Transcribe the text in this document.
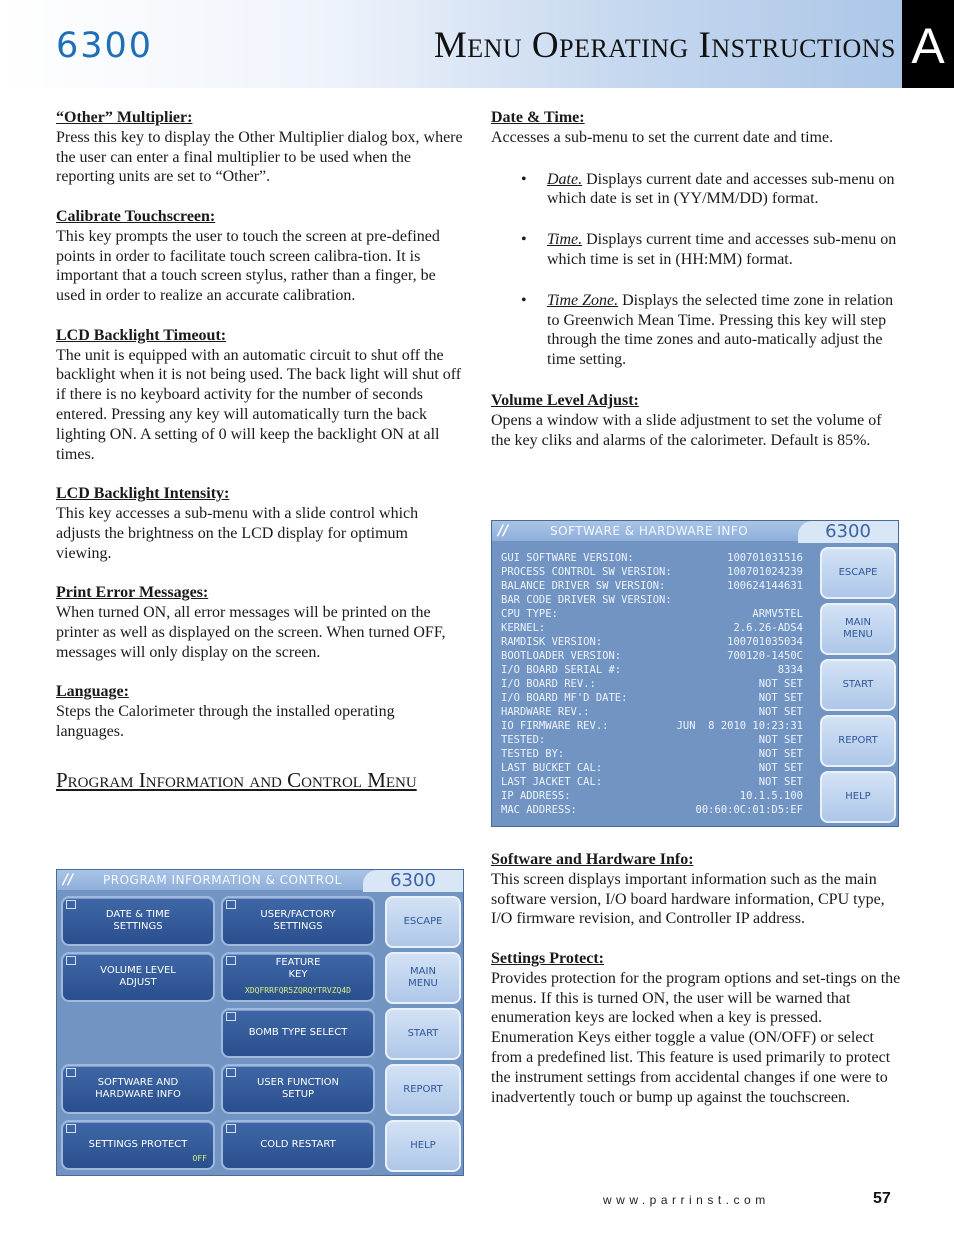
6300	Menu Operating Instructions A
“Other” Multiplier:

Press this key to display the Other Multiplier dialog box, where the user can enter a final multiplier to be used when the reporting units are set to “Other”.

Calibrate Touchscreen:

This key prompts the user to touch the screen at pre-defined points in order to facilitate touch screen calibra-tion. It is important that a touch screen stylus, rather than a finger, be used in order to realize an accurate calibration.

LCD Backlight Timeout:

The unit is equipped with an automatic circuit to shut off the backlight when it is not being used. The back light will shut off if there is no keyboard activity for the number of seconds entered. Pressing any key will automatically turn the back lighting ON. A setting of 0 will keep the backlight ON at all times.

LCD Backlight Intensity:

This key accesses a sub-menu with a slide control which adjusts the brightness on the LCD display for optimum viewing.

Print Error Messages:

When turned ON, all error messages will be printed on the printer as well as displayed on the screen. When turned OFF, messages will only display on the screen.

Language:

Steps the Calorimeter through the installed operating languages.

Program Information and Control Menu
// PROGRAM INFORMATION & CONTROL	6300
DATE & TIME
SETTINGS
USER/FACTORY
SETTINGS
VOLUME LEVEL
ADJUST
FEATURE
KEY
XDQFRRFQR5ZQRQYTRVZQ4D
BOMB TYPE SELECT
SOFTWARE AND
HARDWARE INFO
USER FUNCTION
SETUP
SETTINGS PROTECT
OFF
COLD RESTART
ESCAPE
MAIN
MENU
START
REPORT
HELP
Date & Time:

Accesses a sub-menu to set the current date and time.

• Date. Displays current date and accesses sub-menu on which date is set in (YY/MM/DD) format.
• Time. Displays current time and accesses sub-menu on which time is set in (HH:MM) format.
• Time Zone. Displays the selected time zone in relation to Greenwich Mean Time. Pressing this key will step through the time zones and auto-matically adjust the time setting.
Volume Level Adjust:

Opens a window with a slide adjustment to set the volume of the key cliks and alarms of the calorimeter. Default is 85%.

//	SOFTWARE & HARDWARE INFO	6300
GUI SOFTWARE VERSION:	100701031516
PROCESS CONTROL SW VERSION:	100701024239
BALANCE DRIVER SW VERSION:	100624144631
BAR CODE DRIVER SW VERSION:
CPU TYPE:	ARMV5TEL
KERNEL:	2.6.26-ADS4
RAMDISK VERSION:	100701035034
BOOTLOADER VERSION:	700120-1450C
I/O BOARD SERIAL #:	8334
I/O BOARD REV.:	NOT SET
I/O BOARD MF'D DATE:	NOT SET
HARDWARE REV.:	NOT SET
IO FIRMWARE REV.:	JUN  8 2010 10:23:31
TESTED:	NOT SET
TESTED BY:	NOT SET
LAST BUCKET CAL:	NOT SET
LAST JACKET CAL:	NOT SET
IP ADDRESS:	10.1.5.100
MAC ADDRESS:	00:60:0C:01:D5:EF
ESCAPE
MAIN
MENU
START
REPORT
HELP
Software and Hardware Info:

This screen displays important information such as the main software version, I/O board hardware information, CPU type, I/O firmware revision, and Controller IP address.

Settings Protect:

Provides protection for the program options and set-tings on the menus. If this is turned ON, the user will be warned that enumeration keys are locked when a key is pressed. Enumeration Keys either toggle a value (ON/OFF) or select from a predefined list. This feature is used primarily to protect the instrument settings from accidental changes if one were to inadvertently touch or bump up against the touchscreen.

www.parrinst.com	57
